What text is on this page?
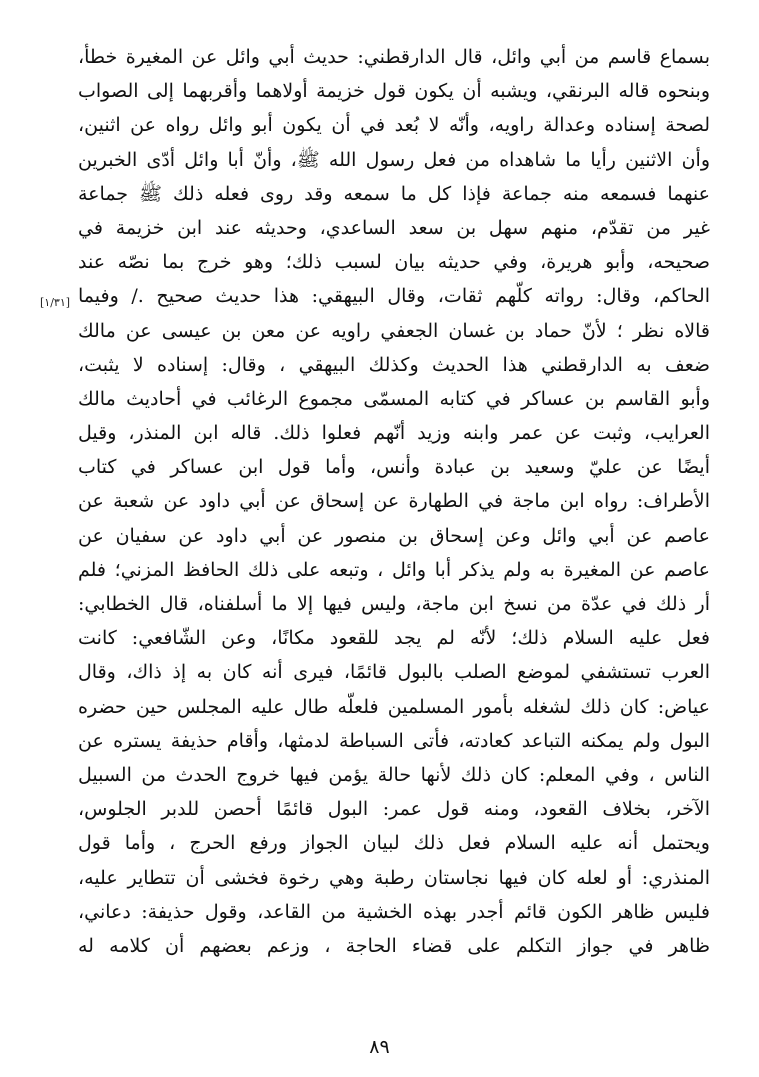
بسماع قاسم من أبي وائل، قال الدارقطني: حديث أبي وائل عن المغيرة خطأ،
وبنحوه قاله البرنقي، ويشبه أن يكون قول خزيمة أولاهما وأقربهما إلى الصواب
لصحة إسناده وعدالة راويه، وأنّه لا بُعد في أن يكون أبو وائل رواه عن اثنين،
وأن الاثنين رأيا ما شاهداه من فعل رسول الله ﷺ، وأنّ أبا وائل أدّى الخبرين
عنهما فسمعه منه جماعة فإذا كل ما سمعه وقد روى فعله ذلك ﷺ جماعة
غير من تقدّم، منهم سهل بن سعد الساعدي، وحديثه عند ابن خزيمة في
صحيحه، وأبو هريرة، وفي حديثه بيان لسبب ذلك؛ وهو خرج بما نصّه عند
الحاكم، وقال: رواته كلّهم ثقات، وقال البيهقي: هذا حديث صحيح ./ وفيما
قالاه نظر ؛ لأنّ حماد بن غسان الجعفي راويه عن معن بن عيسى عن مالك
ضعف به الدارقطني هذا الحديث وكذلك البيهقي ، وقال: إسناده لا يثبت،
وأبو القاسم بن عساكر في كتابه المسمّى مجموع الرغائب في أحاديث مالك
العرايب، وثبت عن عمر وابنه وزيد أنّهم فعلوا ذلك. قاله ابن المنذر، وقيل
أيضًا عن عليّ وسعيد بن عبادة وأنس، وأما قول ابن عساكر في كتاب
الأطراف: رواه ابن ماجة في الطهارة عن إسحاق عن أبي داود عن شعبة عن
عاصم عن أبي وائل وعن إسحاق بن منصور عن أبي داود عن سفيان عن
عاصم عن المغيرة به ولم يذكر أبا وائل ، وتبعه على ذلك الحافظ المزني؛ فلم
أر ذلك في عدّة من نسخ ابن ماجة، وليس فيها إلا ما أسلفناه، قال الخطابي:
فعل عليه السلام ذلك؛ لأنّه لم يجد للقعود مكانًا، وعن الشّافعي: كانت
العرب تستشفي لموضع الصلب بالبول قائمًا، فيرى أنه كان به إذ ذاك، وقال
عياض: كان ذلك لشغله بأمور المسلمين فلعلّه طال عليه المجلس حين حضره
البول ولم يمكنه التباعد كعادته، فأتى السباطة لدمثها، وأقام حذيفة يستره عن
الناس ، وفي المعلم: كان ذلك لأنها حالة يؤمن فيها خروج الحدث من السبيل
الآخر، بخلاف القعود، ومنه قول عمر: البول قائمًا أحصن للدبر الجلوس،
ويحتمل أنه عليه السلام فعل ذلك لبيان الجواز ورفع الحرج ، وأما قول
المنذري: أو لعله كان فيها نجاستان رطبة وهي رخوة فخشى أن تتطاير عليه،
فليس ظاهر الكون قائم أجدر بهذه الخشية من القاعد، وقول حذيفة: دعاني،
ظاهر في جواز التكلم على قضاء الحاجة ، وزعم بعضهم أن كلامه له
[١/٣١]
٨٩
